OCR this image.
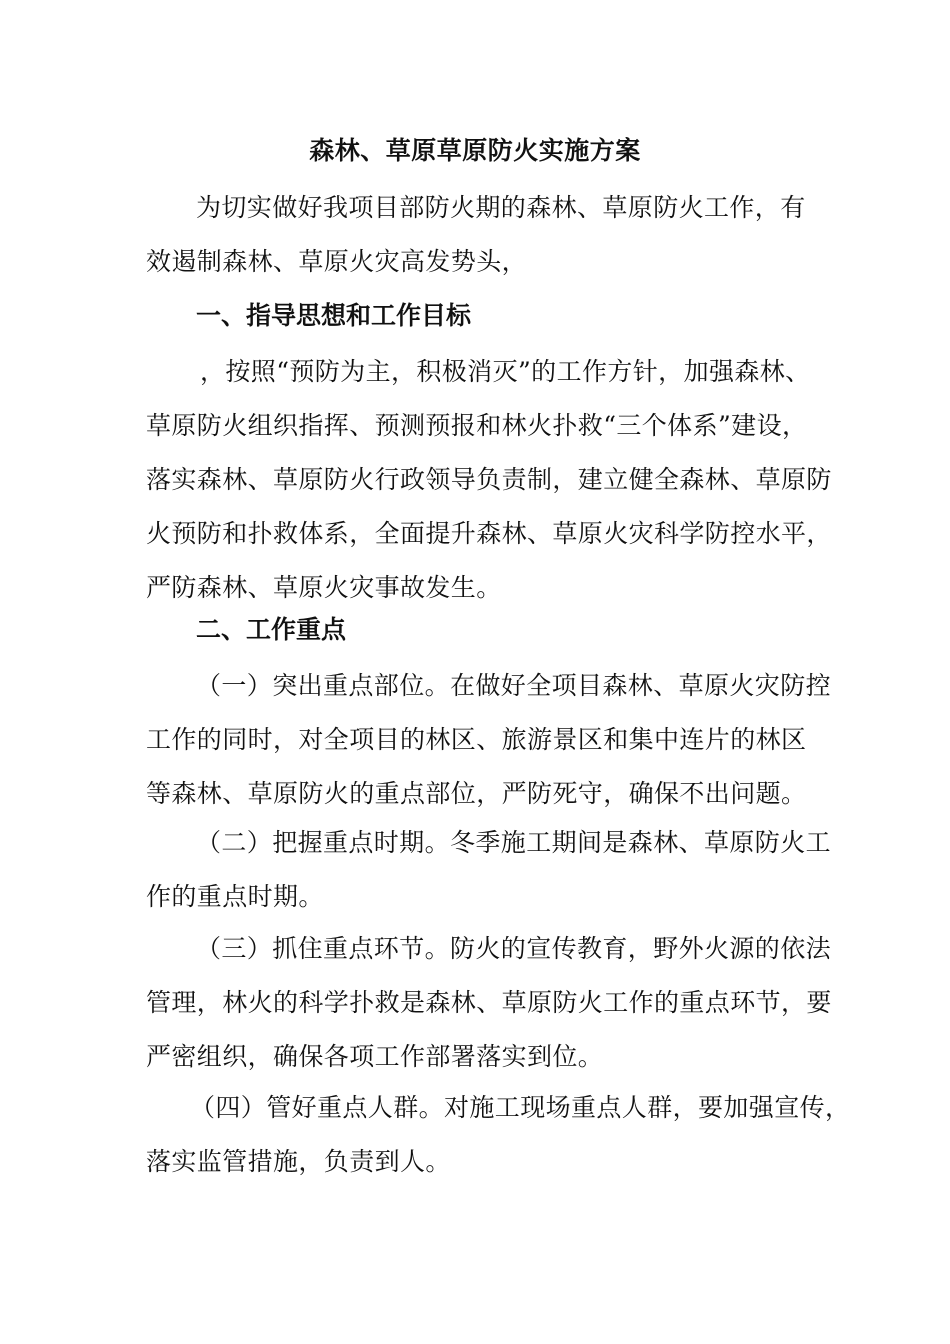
森林、草原草原防火实施方案
为切实做好我项目部防火期的森林、草原防火工作，有
效遏制森林、草原火灾高发势头，
一、指导思想和工作目标
，按照“预防为主，积极消灭”的工作方针，加强森林、
草原防火组织指挥、预测预报和林火扑救“三个体系”建设，
落实森林、草原防火行政领导负责制，建立健全森林、草原防
火预防和扑救体系，全面提升森林、草原火灾科学防控水平，
严防森林、草原火灾事故发生。
二、工作重点
（一）突出重点部位。在做好全项目森林、草原火灾防控
工作的同时，对全项目的林区、旅游景区和集中连片的林区
等森林、草原防火的重点部位，严防死守，确保不出问题。
（二）把握重点时期。冬季施工期间是森林、草原防火工
作的重点时期。
（三）抓住重点环节。防火的宣传教育，野外火源的依法
管理，林火的科学扑救是森林、草原防火工作的重点环节，要
严密组织，确保各项工作部署落实到位。
（四）管好重点人群。对施工现场重点人群，要加强宣传，
落实监管措施，负责到人。
